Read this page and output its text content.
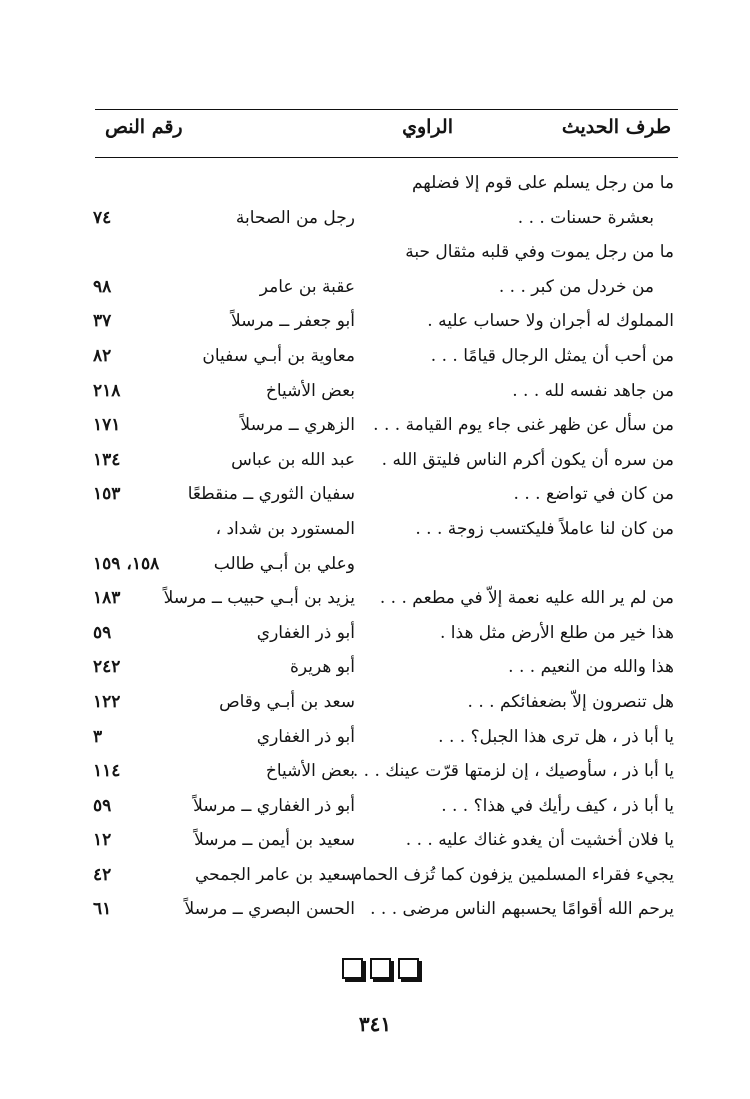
طرف الحديث
الراوي
رقم النص
ما من رجل يسلم على قوم إلا فضلهم
بعشرة حسنات . . .
رجل من الصحابة
٧٤
ما من رجل يموت وفي قلبه مثقال حبة
من خردل من كبر . . .
عقبة بن عامر
٩٨
المملوك له أجران ولا حساب عليه .
أبو جعفر ــ مرسلاً
٣٧
من أحب أن يمثل الرجال قيامًا . . .
معاوية بن أبـي سفيان
٨٢
من جاهد نفسه لله . . .
بعض الأشياخ
٢١٨
من سأل عن ظهر غنى جاء يوم القيامة . . .
الزهري ــ مرسلاً
١٧١
من سره أن يكون أكرم الناس فليتق الله .
عبد الله بن عباس
١٣٤
من كان في تواضع . . .
سفيان الثوري ــ منقطعًا
١٥٣
من كان لنا عاملاً فليكتسب زوجة . . .
المستورد بن شداد ،
وعلي بن أبـي طالب
١٥٨، ١٥٩
من لم ير الله عليه نعمة إلاّ في مطعم . . .
يزيد بن أبـي حبيب ــ مرسلاً
١٨٣
هذا خير من طلع الأرض مثل هذا .
أبو ذر الغفاري
٥٩
هذا والله من النعيم . . .
أبو هريرة
٢٤٢
هل تنصرون إلاّ بضعفائكم . . .
سعد بن أبـي وقاص
١٢٢
يا أبا ذر ، هل ترى هذا الجبل؟ . . .
أبو ذر الغفاري
٣
يا أبا ذر ، سأوصيك ، إن لزمتها قرّت عينك . . .
بعض الأشياخ
١١٤
يا أبا ذر ، كيف رأيك في هذا؟ . . .
أبو ذر الغفاري ــ مرسلاً
٥٩
يا فلان أخشيت أن يغدو غناك عليه . . .
سعيد بن أيمن ــ مرسلاً
١٢
يجيء فقراء المسلمين يزفون كما تُزف الحمام . . .
سعيد بن عامر الجمحي
٤٢
يرحم الله أقوامًا يحسبهم الناس مرضى . . .
الحسن البصري ــ مرسلاً
٦١
٣٤١
